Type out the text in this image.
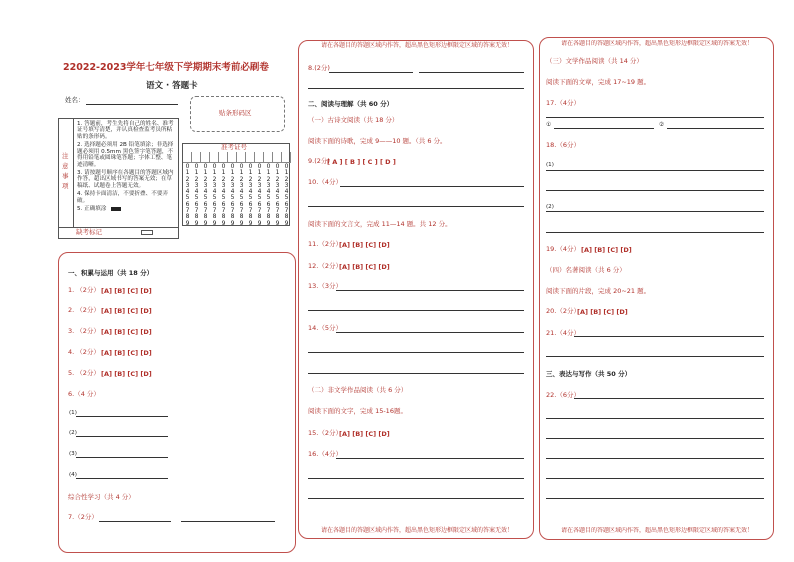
22022-2023学年七年级下学期期末考前必刷卷
语文 · 答题卡
姓名：
贴条形码区
注 意 事 项
1. 答题前，考生先将自己的姓名、准考证号填写清楚，并认真检查监考员所粘贴的条形码。
2. 选择题必须用 2B 铅笔填涂；非选择题必须用 0.5mm 黑色签字笔答题，不得用铅笔或圆珠笔答题；字体工整、笔迹清晰。
3. 请按题号顺序在各题目的答题区域内作答，超出区域书写的答案无效；在草稿纸、试题卷上答题无效。
4. 保持卡面清洁，不要折叠、不要弄破。
5. 正确填涂
缺考标记
准考证号
0
1
2
3
4
5
6
7
8
9
0
1
2
3
4
5
6
7
8
9
0
1
2
3
4
5
6
7
8
9
0
1
2
3
4
5
6
7
8
9
0
1
2
3
4
5
6
7
8
9
0
1
2
3
4
5
6
7
8
9
0
1
2
3
4
5
6
7
8
9
0
1
2
3
4
5
6
7
8
9
0
1
2
3
4
5
6
7
8
9
0
1
2
3
4
5
6
7
8
9
0
1
2
3
4
5
6
7
8
9
0
1
2
3
4
5
6
7
8
9
一、积累与运用（共 18 分）
1. （2分） [A] [B] [C] [D]
2. （2分） [A] [B] [C] [D]
3. （2分） [A] [B] [C] [D]
4. （2分） [A] [B] [C] [D]
5. （2分） [A] [B] [C] [D]
6.（4 分）
(1)
(2)
(3)
(4)
综合性学习（共 4 分）
7.（2分）
请在各题目的答题区域内作答，超出黑色矩形边框限定区域的答案无效！
8.(2分)
二、阅读与理解（共 60 分）
（一）古诗文阅读（共 18 分）
阅读下面的诗歌，完成 9——10 题。（共 6 分。
9.(2分)
[ A ] [ B ] [ C ] [ D ]
10.（4分）
阅读下面的文言文，完成 11—14 题。共 12 分。
11.（2分）
[A] [B] [C] [D]
12.（2分）
[A] [B] [C] [D]
13.（3分）
14.（5分）
（二）非文学作品阅读（共 6 分）
阅读下面的文字，完成 15-16题。
15.（2分）
[A] [B] [C] [D]
16.（4分）
请在各题目的答题区域内作答，超出黑色矩形边框限定区域的答案无效！
请在各题目的答题区域内作答，超出黑色矩形边框限定区域的答案无效！
（三）文学作品阅读（共 14 分）
阅读下面的文章，完成 17~19 题。
17.（4分）
①	②
18.（6分）
(1)
(2)
19.（4分） [A] [B] [C] [D]
（四）名著阅读（共 6 分）
阅读下面的片段，完成 20~21 题。
20.（2分）
[A] [B] [C] [D]
21.（4分）
三、表达与写作（共 50 分）
22.（6分）
请在各题目的答题区域内作答，超出黑色矩形边框限定区域的答案无效！
